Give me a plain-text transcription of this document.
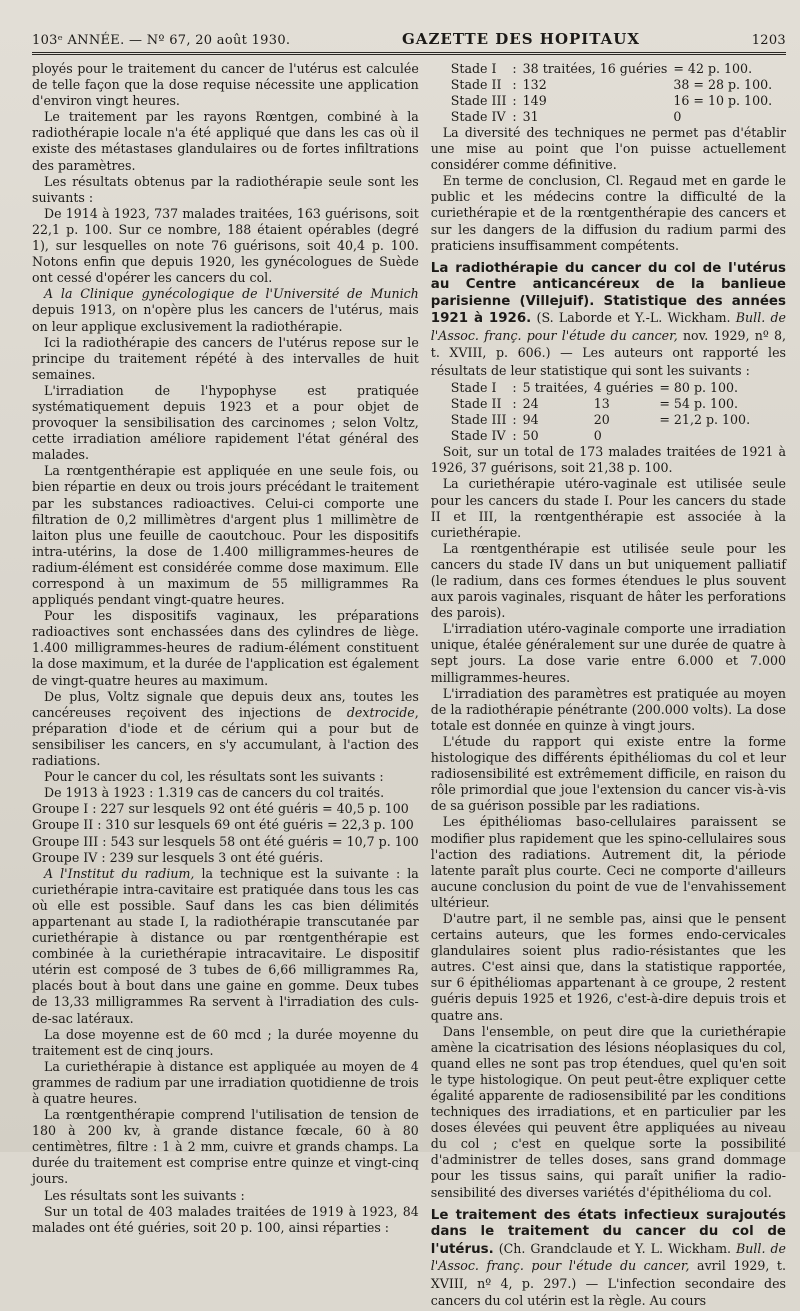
103ᵉ ANNÉE. — Nº 67, 20 août 1930.	GAZETTE DES HOPITAUX	1203

ployés pour le traitement du cancer de l'utérus est calculée de telle façon que la dose requise nécessite une application d'environ vingt heures.

Le traitement par les rayons Rœntgen, combiné à la radiothérapie locale n'a été appliqué que dans les cas où il existe des métastases glandulaires ou de fortes infiltrations des paramètres.

Les résultats obtenus par la radiothérapie seule sont les suivants :

De 1914 à 1923, 737 malades traitées, 163 guérisons, soit 22,1 p. 100. Sur ce nombre, 188 étaient opérables (degré 1), sur lesquelles on note 76 guérisons, soit 40,4 p. 100. Notons enfin que depuis 1920, les gynécologues de Suède ont cessé d'opérer les cancers du col.

A la Clinique gynécologique de l'Université de Munich depuis 1913, on n'opère plus les cancers de l'utérus, mais on leur applique exclusivement la radiothérapie.

Ici la radiothérapie des cancers de l'utérus repose sur le principe du traitement répété à des intervalles de huit semaines.

L'irradiation de l'hypophyse est pratiquée systématiquement depuis 1923 et a pour objet de provoquer la sensibilisation des carcinomes ; selon Voltz, cette irradiation améliore rapidement l'état général des malades.

La rœntgenthérapie est appliquée en une seule fois, ou bien répartie en deux ou trois jours précédant le traitement par les substances radioactives. Celui-ci comporte une filtration de 0,2 millimètres d'argent plus 1 millimètre de laiton plus une feuille de caoutchouc. Pour les dispositifs intra-utérins, la dose de 1.400 milligrammes-heures de radium-élément est considérée comme dose maximum. Elle correspond à un maximum de 55 milligrammes Ra appliqués pendant vingt-quatre heures.

Pour les dispositifs vaginaux, les préparations radioactives sont enchassées dans des cylindres de liège. 1.400 milligrammes-heures de radium-élément constituent la dose maximum, et la durée de l'application est également de vingt-quatre heures au maximum.

De plus, Voltz signale que depuis deux ans, toutes les cancéreuses reçoivent des injections de dextrocide, préparation d'iode et de cérium qui a pour but de sensibiliser les cancers, en s'y accumulant, à l'action des radiations.

Pour le cancer du col, les résultats sont les suivants :

De 1913 à 1923 : 1.319 cas de cancers du col traités.

Groupe I : 227 sur lesquels 92 ont été guéris = 40,5 p. 100
Groupe II : 310 sur lesquels 69 ont été guéris = 22,3 p. 100
Groupe III : 543 sur lesquels 58 ont été guéris = 10,7 p. 100
Groupe IV : 239 sur lesquels 3 ont été guéris.

A l'Institut du radium, la technique est la suivante : la curiethérapie intra-cavitaire est pratiquée dans tous les cas où elle est possible. Sauf dans les cas bien délimités appartenant au stade I, la radiothérapie transcutanée par curiethérapie à distance ou par rœntgenthérapie est combinée à la curiethérapie intracavitaire. Le dispositif utérin est composé de 3 tubes de 6,66 milligrammes Ra, placés bout à bout dans une gaine en gomme. Deux tubes de 13,33 milligrammes Ra servent à l'irradiation des culs-de-sac latéraux.

La dose moyenne est de 60 mcd ; la durée moyenne du traitement est de cinq jours.

La curiethérapie à distance est appliquée au moyen de 4 grammes de radium par une irradiation quotidienne de trois à quatre heures.

La rœntgenthérapie comprend l'utilisation de tension de 180 à 200 kv, à grande distance fœcale, 60 à 80 centimètres, filtre : 1 à 2 mm, cuivre et grands champs. La durée du traitement est comprise entre quinze et vingt-cinq jours.

Les résultats sont les suivants :

Sur un total de 403 malades traitées de 1919 à 1923, 84 malades ont été guéries, soit 20 p. 100, ainsi réparties :

Stade I	:	38 traitées, 16 guéries	= 42 p. 100.
Stade II	:	132	38 = 28 p. 100.
Stade III	:	149	16 = 10 p. 100.
Stade IV	:	31	0

La diversité des techniques ne permet pas d'établir une mise au point que l'on puisse actuellement considérer comme définitive.

En terme de conclusion, Cl. Regaud met en garde le public et les médecins contre la difficulté de la curiethérapie et de la rœntgenthérapie des cancers et sur les dangers de la diffusion du radium parmi des praticiens insuffisamment compétents.

La radiothérapie du cancer du col de l'utérus au Centre anticancéreux de la banlieue parisienne (Villejuif). Statistique des années 1921 à 1926. (S. Laborde et Y.-L. Wickham. Bull. de l'Assoc. franç. pour l'étude du cancer, nov. 1929, nº 8, t. XVIII, p. 606.) — Les auteurs ont rapporté les résultats de leur statistique qui sont les suivants :
Stade I	:	5 traitées,	4 guéries	= 80 p. 100.
Stade II	:	24	13	= 54 p. 100.
Stade III	:	94	20	= 21,2 p. 100.
Stade IV	:	50	0	

Soit, sur un total de 173 malades traitées de 1921 à 1926, 37 guérisons, soit 21,38 p. 100.

La curiethérapie utéro-vaginale est utilisée seule pour les cancers du stade I. Pour les cancers du stade II et III, la rœntgenthérapie est associée à la curiethérapie.

La rœntgenthérapie est utilisée seule pour les cancers du stade IV dans un but uniquement palliatif (le radium, dans ces formes étendues le plus souvent aux parois vaginales, risquant de hâter les perforations des parois).

L'irradiation utéro-vaginale comporte une irradiation unique, étalée généralement sur une durée de quatre à sept jours. La dose varie entre 6.000 et 7.000 milligrammes-heures.

L'irradiation des paramètres est pratiquée au moyen de la radiothérapie pénétrante (200.000 volts). La dose totale est donnée en quinze à vingt jours.

L'étude du rapport qui existe entre la forme histologique des différents épithéliomas du col et leur radiosensibilité est extrêmement difficile, en raison du rôle primordial que joue l'extension du cancer vis-à-vis de sa guérison possible par les radiations.

Les épithéliomas baso-cellulaires paraissent se modifier plus rapidement que les spino-cellulaires sous l'action des radiations. Autrement dit, la période latente paraît plus courte. Ceci ne comporte d'ailleurs aucune conclusion du point de vue de l'envahissement ultérieur.

D'autre part, il ne semble pas, ainsi que le pensent certains auteurs, que les formes endo-cervicales glandulaires soient plus radio-résistantes que les autres. C'est ainsi que, dans la statistique rapportée, sur 6 épithéliomas appartenant à ce groupe, 2 restent guéris depuis 1925 et 1926, c'est-à-dire depuis trois et quatre ans.

Dans l'ensemble, on peut dire que la curiethérapie amène la cicatrisation des lésions néoplasiques du col, quand elles ne sont pas trop étendues, quel qu'en soit le type histologique. On peut peut-être expliquer cette égalité apparente de radiosensibilité par les conditions techniques des irradiations, et en particulier par les doses élevées qui peuvent être appliquées au niveau du col ; c'est en quelque sorte la possibilité d'administrer de telles doses, sans grand dommage pour les tissus sains, qui paraît unifier la radio-sensibilité des diverses variétés d'épithélioma du col.

Le traitement des états infectieux surajoutés dans le traitement du cancer du col de l'utérus. (Ch. Grandclaude et Y. L. Wickham. Bull. de l'Assoc. franç. pour l'étude du cancer, avril 1929, t. XVIII, nº 4, p. 297.) — L'infection secondaire des cancers du col utérin est la règle. Au cours
